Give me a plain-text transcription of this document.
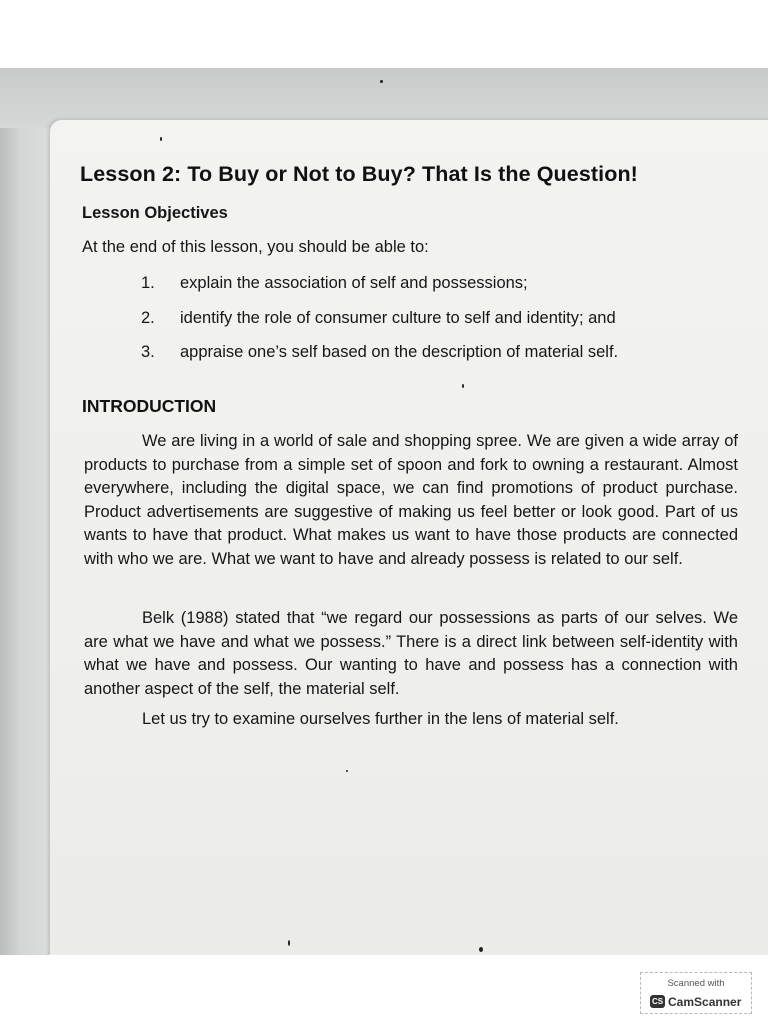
Lesson 2: To Buy or Not to Buy? That Is the Question!
Lesson Objectives

At the end of this lesson, you should be able to:

1. explain the association of self and possessions;
2. identify the role of consumer culture to self and identity; and
3. appraise one’s self based on the description of material self.
INTRODUCTION

We are living in a world of sale and shopping spree. We are given a wide array of products to purchase from a simple set of spoon and fork to owning a restaurant. Almost everywhere, including the digital space, we can find promotions of product purchase. Product advertisements are suggestive of making us feel better or look good. Part of us wants to have that product. What makes us want to have those products are connected with who we are. What we want to have and already possess is related to our self.

Belk (1988) stated that “we regard our possessions as parts of our selves. We are what we have and what we possess.” There is a direct link between self-identity with what we have and possess. Our wanting to have and possess has a connection with another aspect of the self, the material self.

Let us try to examine ourselves further in the lens of material self.

Scanned with
CS CamScanner
